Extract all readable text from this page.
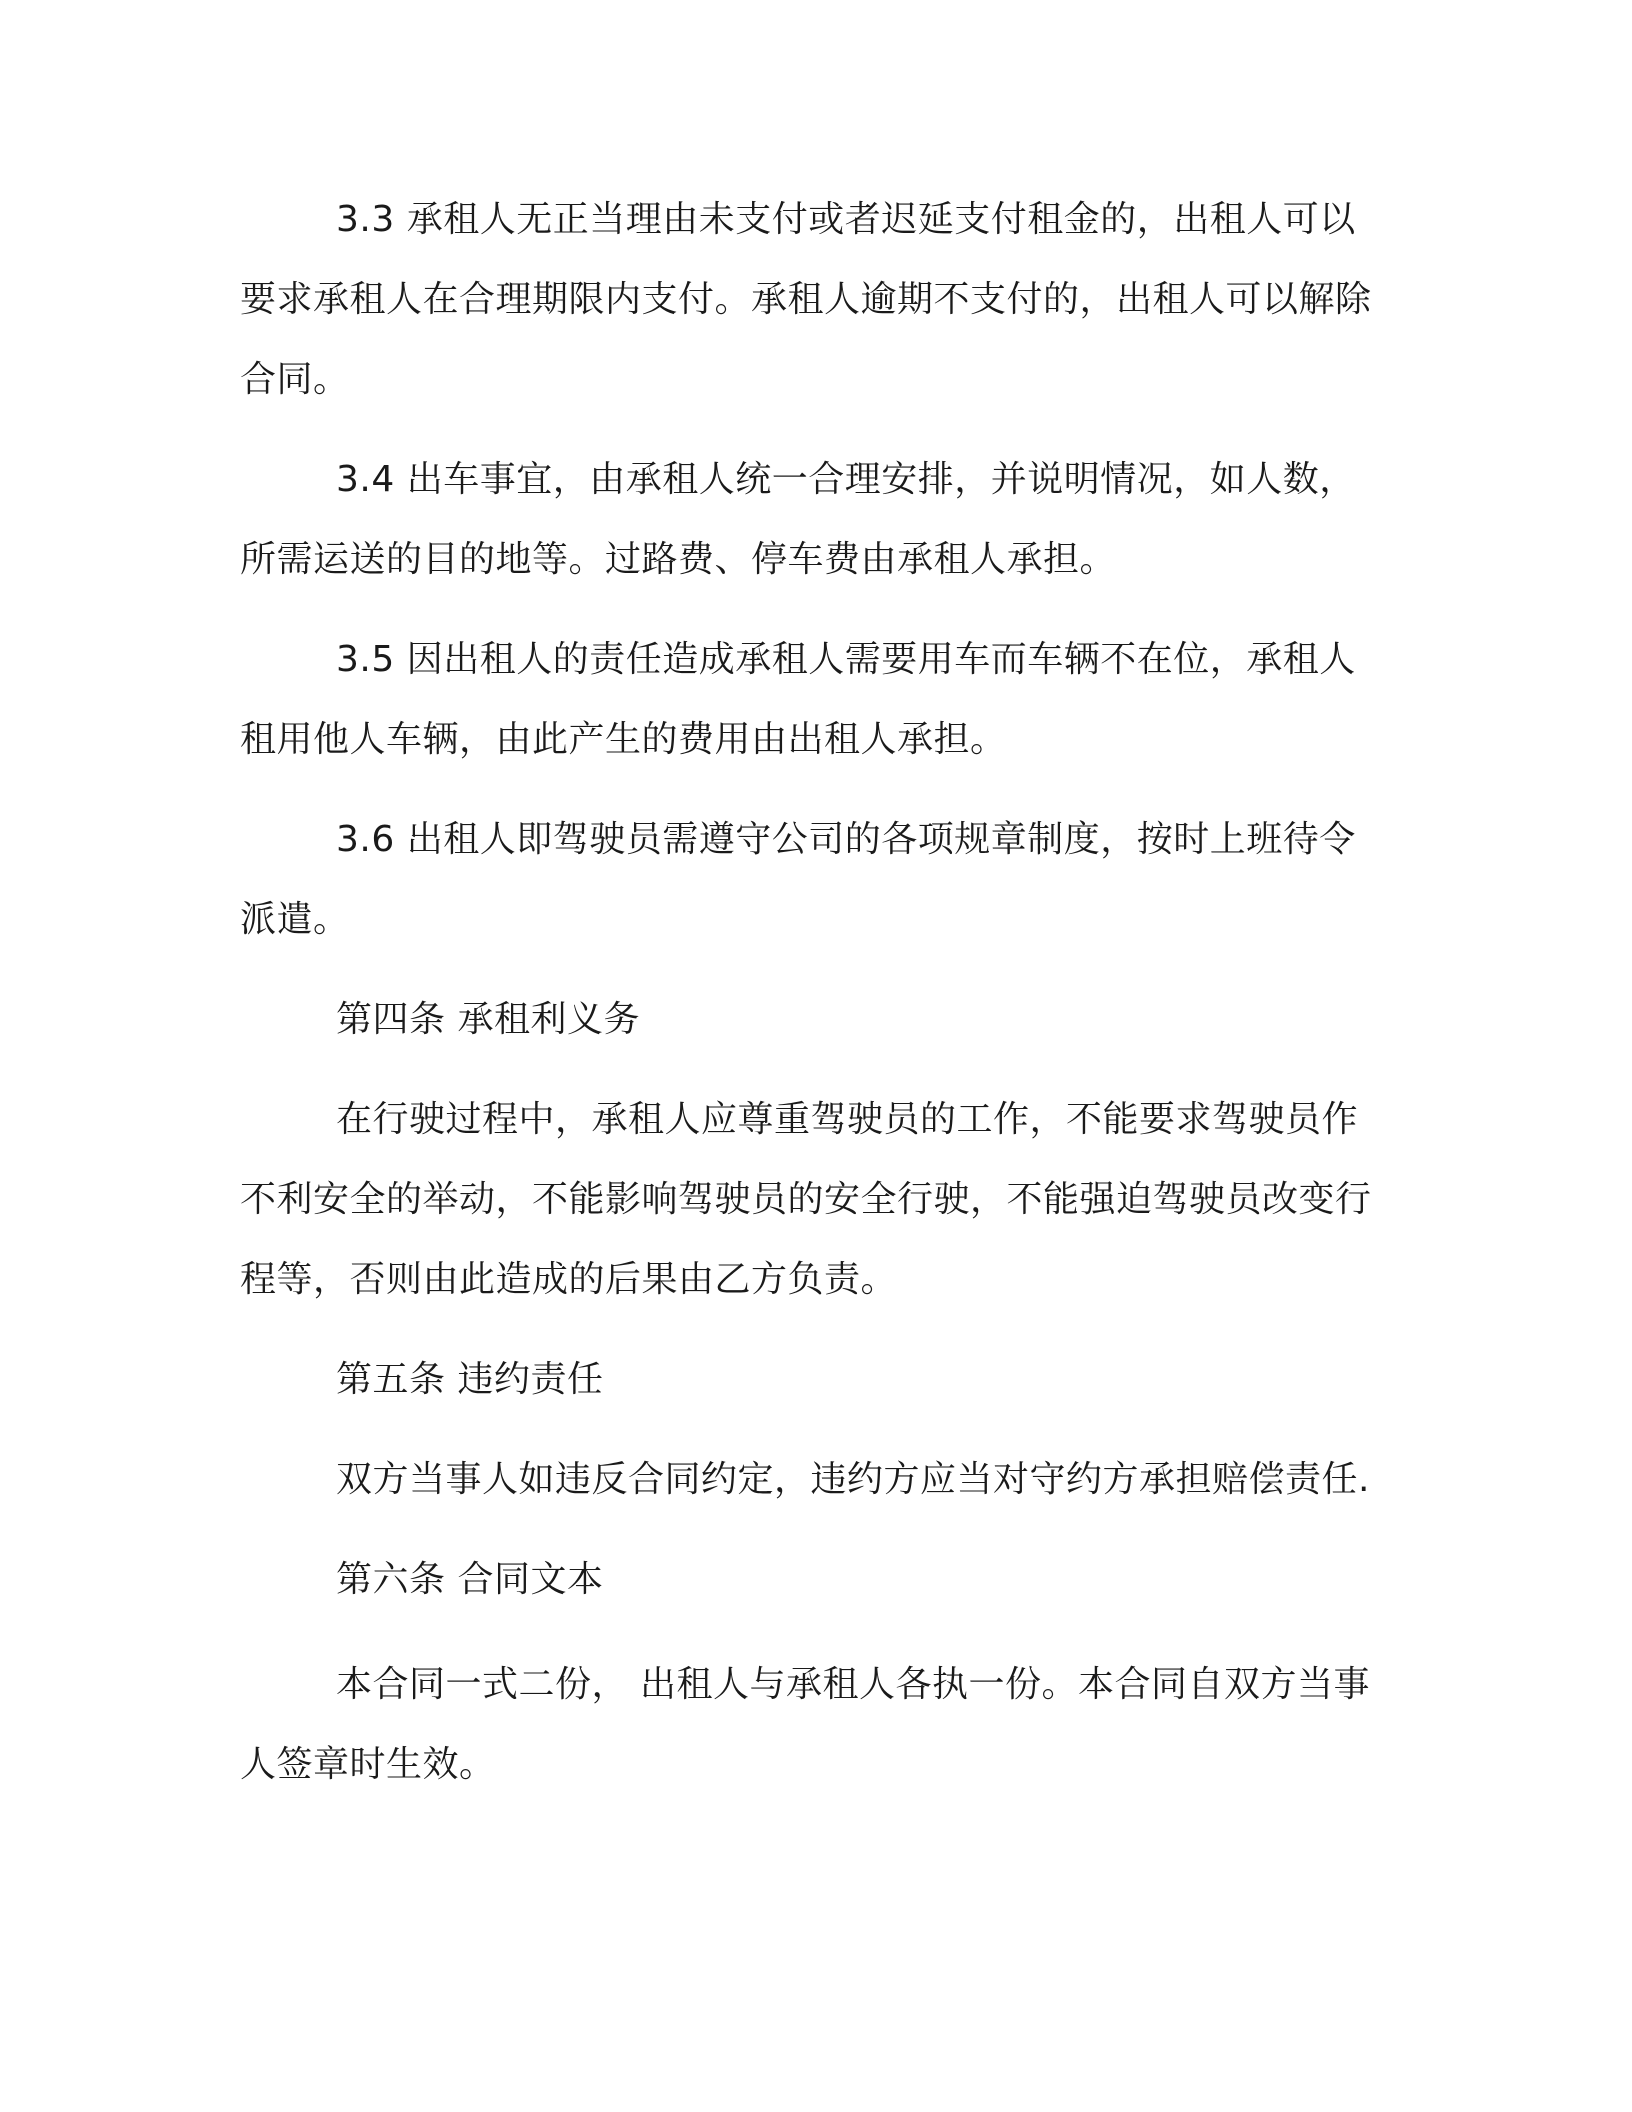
3.3 承租人无正当理由未支付或者迟延支付租金的，出租人可以要求承租人在合理期限内支付。承租人逾期不支付的，出租人可以解除合同。

3.4 出车事宜，由承租人统一合理安排，并说明情况，如人数，所需运送的目的地等。过路费、停车费由承租人承担。

3.5 因出租人的责任造成承租人需要用车而车辆不在位，承租人租用他人车辆，由此产生的费用由出租人承担。

3.6 出租人即驾驶员需遵守公司的各项规章制度，按时上班待令派遣。

第四条 承租利义务

在行驶过程中，承租人应尊重驾驶员的工作，不能要求驾驶员作不利安全的举动，不能影响驾驶员的安全行驶，不能强迫驾驶员改变行程等，否则由此造成的后果由乙方负责。

第五条 违约责任

双方当事人如违反合同约定，违约方应当对守约方承担赔偿责任.

第六条 合同文本

本合同一式二份， 出租人与承租人各执一份。本合同自双方当事人签章时生效。
